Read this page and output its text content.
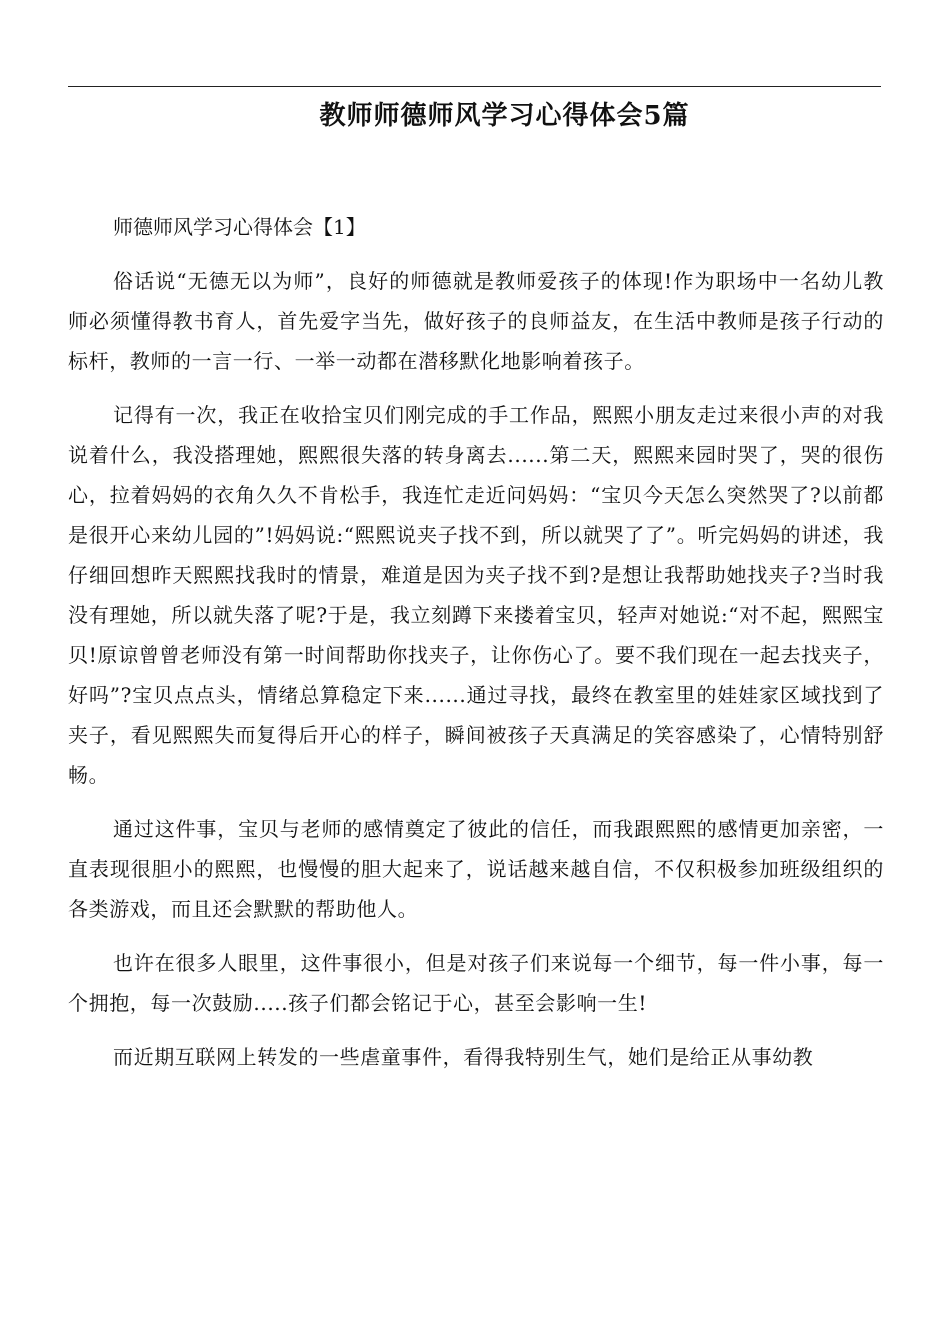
教师师德师风学习心得体会5篇

师德师风学习心得体会【1】

俗话说“无德无以为师”，良好的师德就是教师爱孩子的体现!作为职场中一名幼儿教师必须懂得教书育人，首先爱字当先，做好孩子的良师益友，在生活中教师是孩子行动的标杆，教师的一言一行、一举一动都在潜移默化地影响着孩子。

记得有一次，我正在收拾宝贝们刚完成的手工作品，熙熙小朋友走过来很小声的对我说着什么，我没搭理她，熙熙很失落的转身离去......第二天，熙熙来园时哭了，哭的很伤心，拉着妈妈的衣角久久不肯松手，我连忙走近问妈妈：“宝贝今天怎么突然哭了?以前都是很开心来幼儿园的”!妈妈说:“熙熙说夹子找不到，所以就哭了了”。听完妈妈的讲述，我仔细回想昨天熙熙找我时的情景，难道是因为夹子找不到?是想让我帮助她找夹子?当时我没有理她，所以就失落了呢?于是，我立刻蹲下来搂着宝贝，轻声对她说:“对不起，熙熙宝贝!原谅曾曾老师没有第一时间帮助你找夹子，让你伤心了。要不我们现在一起去找夹子，好吗”?宝贝点点头，情绪总算稳定下来......通过寻找，最终在教室里的娃娃家区域找到了夹子，看见熙熙失而复得后开心的样子，瞬间被孩子天真满足的笑容感染了，心情特别舒畅。

通过这件事，宝贝与老师的感情奠定了彼此的信任，而我跟熙熙的感情更加亲密，一直表现很胆小的熙熙，也慢慢的胆大起来了，说话越来越自信，不仅积极参加班级组织的各类游戏，而且还会默默的帮助他人。

也许在很多人眼里，这件事很小，但是对孩子们来说每一个细节，每一件小事，每一个拥抱，每一次鼓励.....孩子们都会铭记于心，甚至会影响一生!

而近期互联网上转发的一些虐童事件，看得我特别生气，她们是给正从事幼教
